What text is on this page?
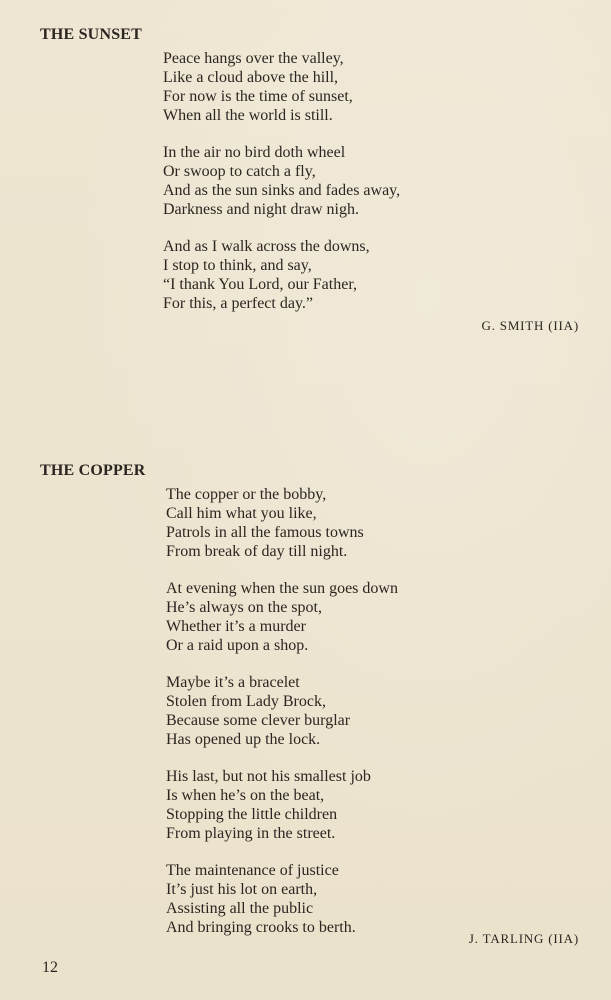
THE SUNSET
Peace hangs over the valley,
Like a cloud above the hill,
For now is the time of sunset,
When all the world is still.
In the air no bird doth wheel
Or swoop to catch a fly,
And as the sun sinks and fades away,
Darkness and night draw nigh.
And as I walk across the downs,
I stop to think, and say,
“I thank You Lord, our Father,
For this, a perfect day.”
G. SMITH (IIA)
THE COPPER
The copper or the bobby,
Call him what you like,
Patrols in all the famous towns
From break of day till night.
At evening when the sun goes down
He’s always on the spot,
Whether it’s a murder
Or a raid upon a shop.
Maybe it’s a bracelet
Stolen from Lady Brock,
Because some clever burglar
Has opened up the lock.
His last, but not his smallest job
Is when he’s on the beat,
Stopping the little children
From playing in the street.
The maintenance of justice
It’s just his lot on earth,
Assisting all the public
And bringing crooks to berth.
J. TARLING (IIA)
12
